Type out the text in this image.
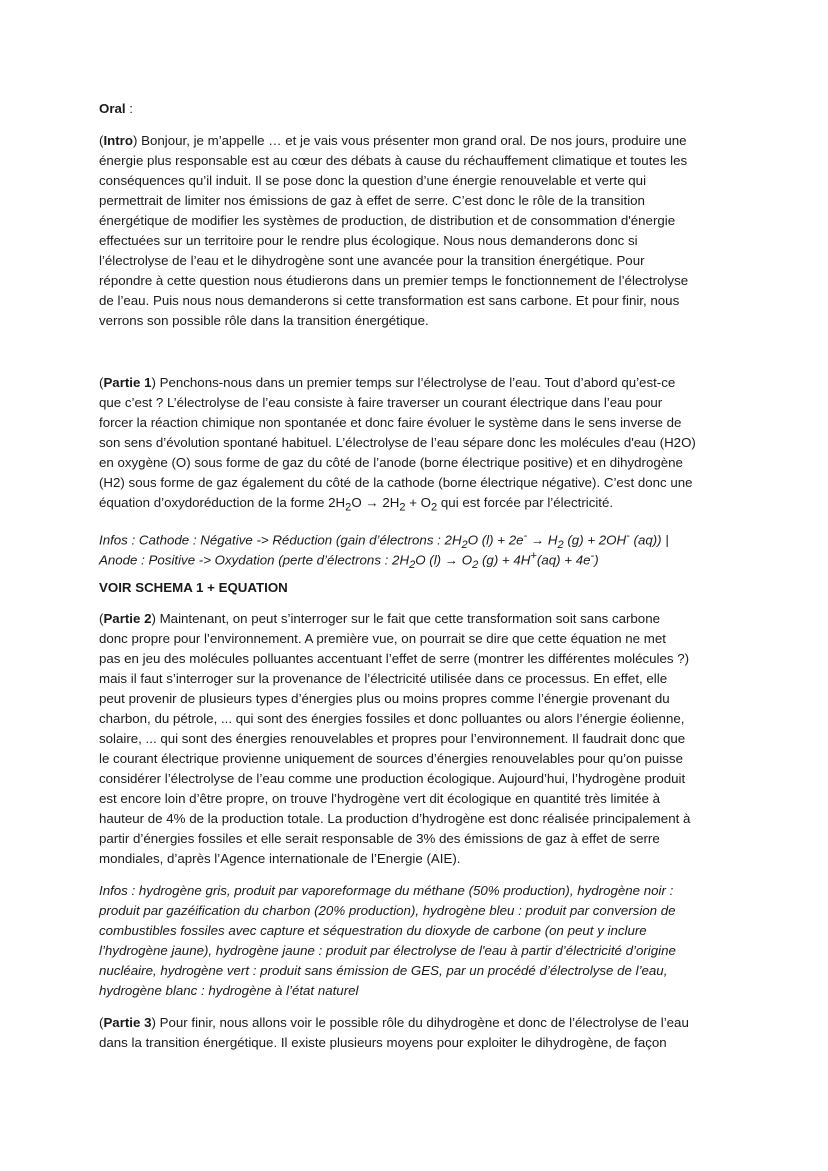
Oral :
(Intro) Bonjour, je m’appelle … et je vais vous présenter mon grand oral. De nos jours, produire une
énergie plus responsable est au cœur des débats à cause du réchauffement climatique et toutes les
conséquences qu’il induit. Il se pose donc la question d’une énergie renouvelable et verte qui
permettrait de limiter nos émissions de gaz à effet de serre. C’est donc le rôle de la transition
énergétique de modifier les systèmes de production, de distribution et de consommation d'énergie
effectuées sur un territoire pour le rendre plus écologique. Nous nous demanderons donc si
l’électrolyse de l’eau et le dihydrogène sont une avancée pour la transition énergétique. Pour
répondre à cette question nous étudierons dans un premier temps le fonctionnement de l’électrolyse
de l’eau. Puis nous nous demanderons si cette transformation est sans carbone. Et pour finir, nous
verrons son possible rôle dans la transition énergétique.
(Partie 1) Penchons-nous dans un premier temps sur l’électrolyse de l’eau. Tout d’abord qu’est-ce
que c’est ? L’électrolyse de l’eau consiste à faire traverser un courant électrique dans l’eau pour
forcer la réaction chimique non spontanée et donc faire évoluer le système dans le sens inverse de
son sens d’évolution spontané habituel. L’électrolyse de l’eau sépare donc les molécules d'eau (H2O)
en oxygène (O) sous forme de gaz du côté de l’anode (borne électrique positive) et en dihydrogène
(H2) sous forme de gaz également du côté de la cathode (borne électrique négative). C’est donc une
équation d’oxydoréduction de la forme $2H_2O \to 2H_2 + O_2$ qui est forcée par l’électricité.
Infos : Cathode : Négative -> Réduction (gain d’électrons : $2H_2O$ $(l) + 2e^- \to H_2$ (g) + 2OH- (aq)) |
Anode : Positive -> Oxydation (perte d’électrons : $2H_2O$ $(l) \to O_2$ (g) + 4H+(aq) + 4e-)
VOIR SCHEMA 1 + EQUATION
(Partie 2) Maintenant, on peut s’interroger sur le fait que cette transformation soit sans carbone
donc propre pour l’environnement. A première vue, on pourrait se dire que cette équation ne met
pas en jeu des molécules polluantes accentuant l’effet de serre (montrer les différentes molécules ?)
mais il faut s’interroger sur la provenance de l’électricité utilisée dans ce processus. En effet, elle
peut provenir de plusieurs types d’énergies plus ou moins propres comme l’énergie provenant du
charbon, du pétrole, ... qui sont des énergies fossiles et donc polluantes ou alors l’énergie éolienne,
solaire, ... qui sont des énergies renouvelables et propres pour l’environnement. Il faudrait donc que
le courant électrique provienne uniquement de sources d’énergies renouvelables pour qu’on puisse
considérer l’électrolyse de l’eau comme une production écologique. Aujourd’hui, l’hydrogène produit
est encore loin d’être propre, on trouve l’hydrogène vert dit écologique en quantité très limitée à
hauteur de 4% de la production totale. La production d’hydrogène est donc réalisée principalement à
partir d’énergies fossiles et elle serait responsable de 3% des émissions de gaz à effet de serre
mondiales, d’après l’Agence internationale de l’Energie (AIE).
Infos : hydrogène gris, produit par vaporeformage du méthane (50% production), hydrogène noir :
produit par gazéification du charbon (20% production), hydrogène bleu : produit par conversion de
combustibles fossiles avec capture et séquestration du dioxyde de carbone (on peut y inclure
l’hydrogène jaune), hydrogène jaune : produit par électrolyse de l'eau à partir d’électricité d’origine
nucléaire, hydrogène vert : produit sans émission de GES, par un procédé d’électrolyse de l’eau,
hydrogène blanc : hydrogène à l’état naturel
(Partie 3) Pour finir, nous allons voir le possible rôle du dihydrogène et donc de l’électrolyse de l’eau
dans la transition énergétique. Il existe plusieurs moyens pour exploiter le dihydrogène, de façon
